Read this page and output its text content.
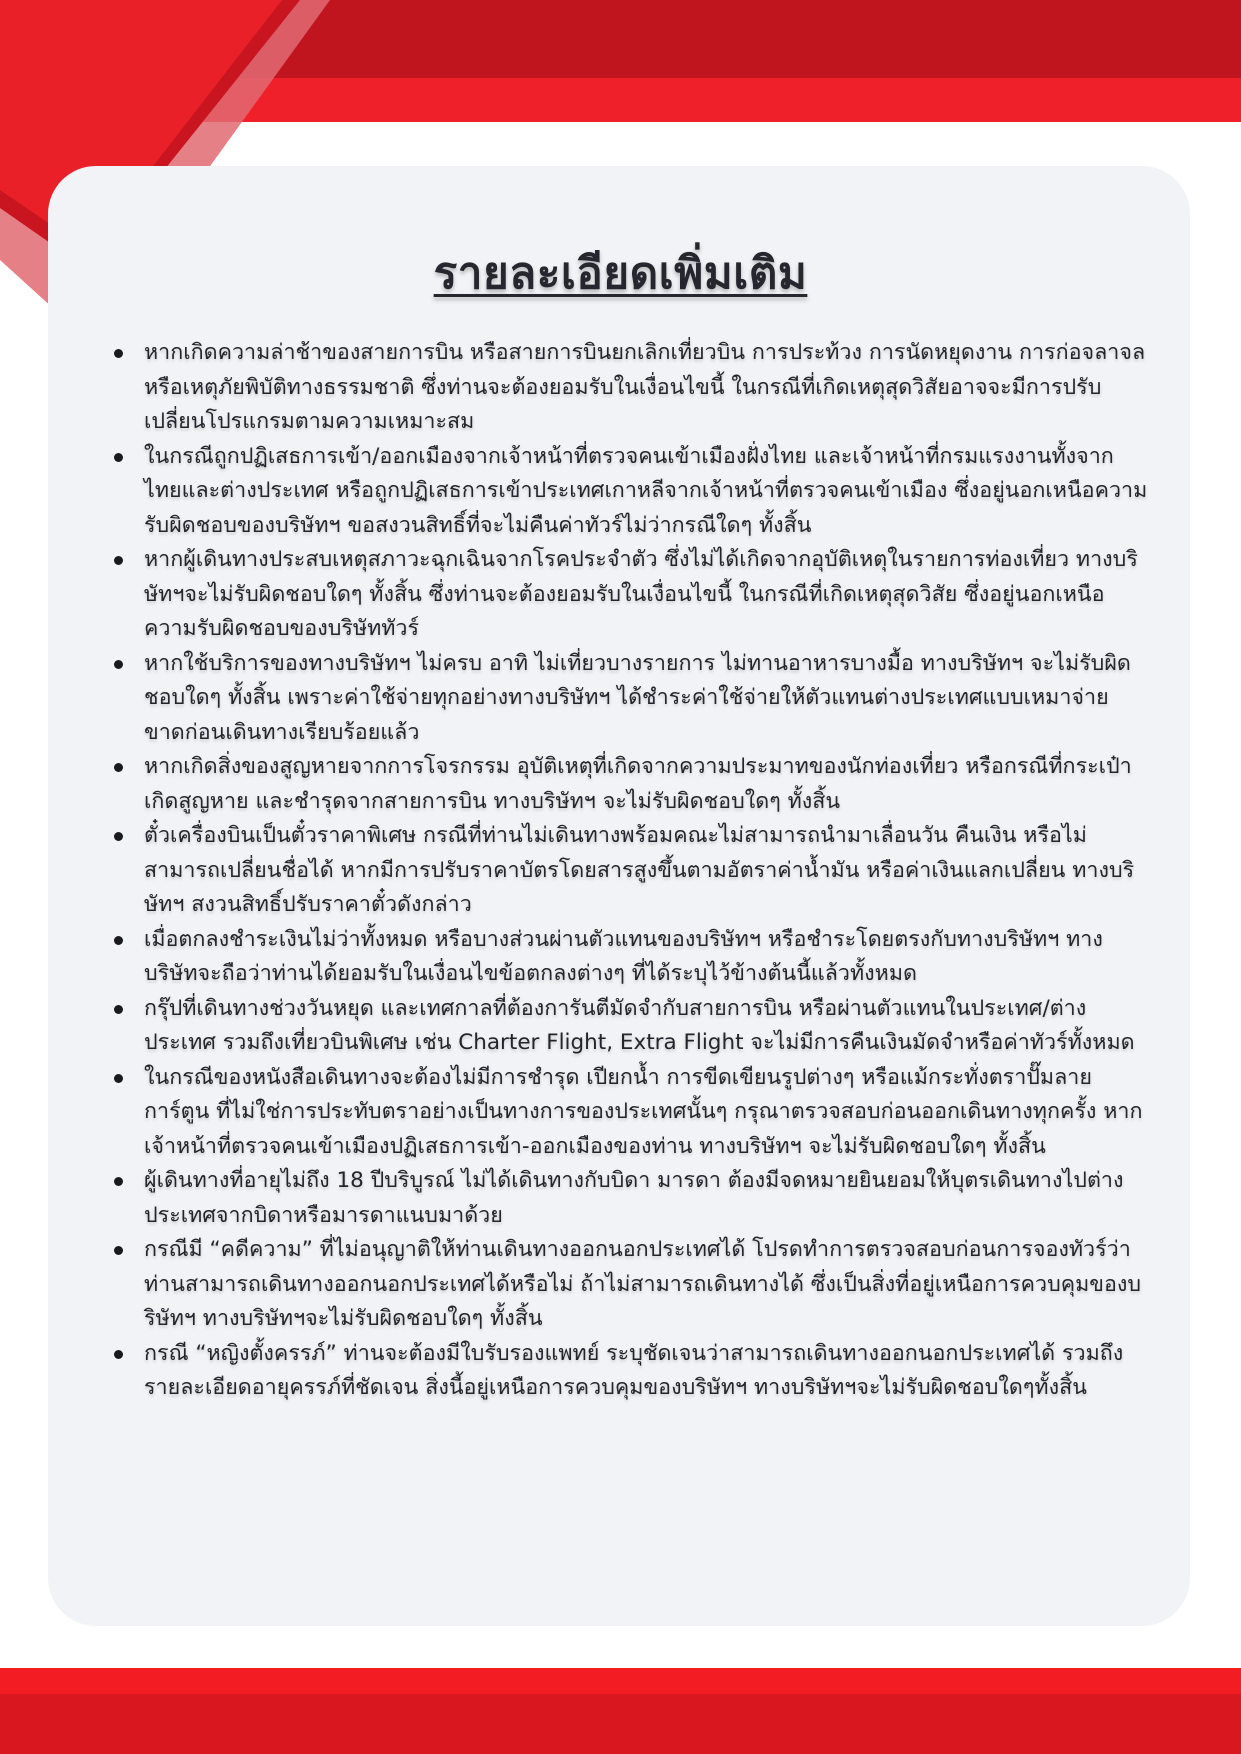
รายละเอียดเพิ่มเติม
หากเกิดความล่าช้าของสายการบิน หรือสายการบินยกเลิกเที่ยวบิน การประท้วง การนัดหยุดงาน การก่อจลาจล หรือเหตุภัยพิบัติทางธรรมชาติ ซึ่งท่านจะต้องยอมรับในเงื่อนไขนี้ ในกรณีที่เกิดเหตุสุดวิสัยอาจจะมีการปรับเปลี่ยนโปรแกรมตามความเหมาะสม
ในกรณีถูกปฏิเสธการเข้า/ออกเมืองจากเจ้าหน้าที่ตรวจคนเข้าเมืองฝั่งไทย และเจ้าหน้าที่กรมแรงงานทั้งจากไทยและต่างประเทศ หรือถูกปฏิเสธการเข้าประเทศเกาหลีจากเจ้าหน้าที่ตรวจคนเข้าเมือง ซึ่งอยู่นอกเหนือความรับผิดชอบของบริษัทฯ ขอสงวนสิทธิ์ที่จะไม่คืนค่าทัวร์ไม่ว่ากรณีใดๆ ทั้งสิ้น
หากผู้เดินทางประสบเหตุสภาวะฉุกเฉินจากโรคประจำตัว ซึ่งไม่ได้เกิดจากอุบัติเหตุในรายการท่องเที่ยว ทางบริษัทฯจะไม่รับผิดชอบใดๆ ทั้งสิ้น ซึ่งท่านจะต้องยอมรับในเงื่อนไขนี้ ในกรณีที่เกิดเหตุสุดวิสัย ซึ่งอยู่นอกเหนือความรับผิดชอบของบริษัททัวร์
หากใช้บริการของทางบริษัทฯ ไม่ครบ อาทิ ไม่เที่ยวบางรายการ ไม่ทานอาหารบางมื้อ ทางบริษัทฯ จะไม่รับผิดชอบใดๆ ทั้งสิ้น เพราะค่าใช้จ่ายทุกอย่างทางบริษัทฯ ได้ชำระค่าใช้จ่ายให้ตัวแทนต่างประเทศแบบเหมาจ่ายขาดก่อนเดินทางเรียบร้อยแล้ว
หากเกิดสิ่งของสูญหายจากการโจรกรรม อุบัติเหตุที่เกิดจากความประมาทของนักท่องเที่ยว หรือกรณีที่กระเป๋าเกิดสูญหาย และชำรุดจากสายการบิน ทางบริษัทฯ จะไม่รับผิดชอบใดๆ ทั้งสิ้น
ตั๋วเครื่องบินเป็นตั๋วราคาพิเศษ กรณีที่ท่านไม่เดินทางพร้อมคณะไม่สามารถนำมาเลื่อนวัน คืนเงิน หรือไม่สามารถเปลี่ยนชื่อได้ หากมีการปรับราคาบัตรโดยสารสูงขึ้นตามอัตราค่าน้ำมัน หรือค่าเงินแลกเปลี่ยน ทางบริษัทฯ สงวนสิทธิ์ปรับราคาตั๋วดังกล่าว
เมื่อตกลงชำระเงินไม่ว่าทั้งหมด หรือบางส่วนผ่านตัวแทนของบริษัทฯ หรือชำระโดยตรงกับทางบริษัทฯ ทางบริษัทจะถือว่าท่านได้ยอมรับในเงื่อนไขข้อตกลงต่างๆ ที่ได้ระบุไว้ข้างต้นนี้แล้วทั้งหมด
กรุ๊ปที่เดินทางช่วงวันหยุด และเทศกาลที่ต้องการันตีมัดจำกับสายการบิน หรือผ่านตัวแทนในประเทศ/ต่างประเทศ รวมถึงเที่ยวบินพิเศษ เช่น Charter Flight, Extra Flight จะไม่มีการคืนเงินมัดจำหรือค่าทัวร์ทั้งหมด
ในกรณีของหนังสือเดินทางจะต้องไม่มีการชำรุด เปียกน้ำ การขีดเขียนรูปต่างๆ หรือแม้กระทั่งตราปั๊มลายการ์ตูน ที่ไม่ใช่การประทับตราอย่างเป็นทางการของประเทศนั้นๆ กรุณาตรวจสอบก่อนออกเดินทางทุกครั้ง หากเจ้าหน้าที่ตรวจคนเข้าเมืองปฏิเสธการเข้า-ออกเมืองของท่าน ทางบริษัทฯ จะไม่รับผิดชอบใดๆ ทั้งสิ้น
ผู้เดินทางที่อายุไม่ถึง 18 ปีบริบูรณ์ ไม่ได้เดินทางกับบิดา มารดา ต้องมีจดหมายยินยอมให้บุตรเดินทางไปต่างประเทศจากบิดาหรือมารดาแนบมาด้วย
กรณีมี “คดีความ” ที่ไม่อนุญาติให้ท่านเดินทางออกนอกประเทศได้ โปรดทำการตรวจสอบก่อนการจองทัวร์ว่าท่านสามารถเดินทางออกนอกประเทศได้หรือไม่ ถ้าไม่สามารถเดินทางได้ ซึ่งเป็นสิ่งที่อยู่เหนือการควบคุมของบริษัทฯ ทางบริษัทฯจะไม่รับผิดชอบใดๆ ทั้งสิ้น
กรณี “หญิงตั้งครรภ์” ท่านจะต้องมีใบรับรองแพทย์ ระบุชัดเจนว่าสามารถเดินทางออกนอกประเทศได้ รวมถึงรายละเอียดอายุครรภ์ที่ชัดเจน สิ่งนี้อยู่เหนือการควบคุมของบริษัทฯ ทางบริษัทฯจะไม่รับผิดชอบใดๆทั้งสิ้น
